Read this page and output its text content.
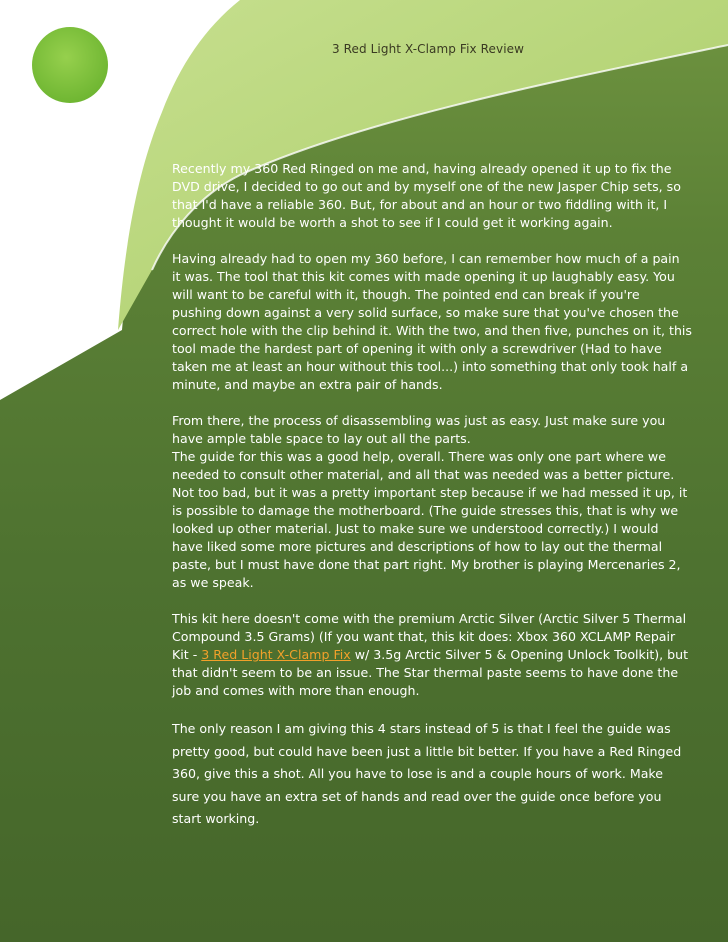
3 Red Light X-Clamp Fix Review

Recently my 360 Red Ringed on me and, having already opened it up to fix the DVD drive, I decided to go out and by myself one of the new Jasper Chip sets, so that I'd have a reliable 360. But, for about and an hour or two fiddling with it, I thought it would be worth a shot to see if I could get it working again.

Having already had to open my 360 before, I can remember how much of a pain it was. The tool that this kit comes with made opening it up laughably easy. You will want to be careful with it, though. The pointed end can break if you're pushing down against a very solid surface, so make sure that you've chosen the correct hole with the clip behind it. With the two, and then five, punches on it, this tool made the hardest part of opening it with only a screwdriver (Had to have taken me at least an hour without this tool...) into something that only took half a minute, and maybe an extra pair of hands.

From there, the process of disassembling was just as easy. Just make sure you have ample table space to lay out all the parts.

The guide for this was a good help, overall. There was only one part where we needed to consult other material, and all that was needed was a better picture. Not too bad, but it was a pretty important step because if we had messed it up, it is possible to damage the motherboard. (The guide stresses this, that is why we looked up other material. Just to make sure we understood correctly.) I would have liked some more pictures and descriptions of how to lay out the thermal paste, but I must have done that part right. My brother is playing Mercenaries 2, as we speak.

This kit here doesn't come with the premium Arctic Silver (Arctic Silver 5 Thermal Compound 3.5 Grams) (If you want that, this kit does: Xbox 360 XCLAMP Repair Kit - 3 Red Light X-Clamp Fix w/ 3.5g Arctic Silver 5 & Opening Unlock Toolkit), but that didn't seem to be an issue. The Star thermal paste seems to have done the job and comes with more than enough.

The only reason I am giving this 4 stars instead of 5 is that I feel the guide was pretty good, but could have been just a little bit better. If you have a Red Ringed 360, give this a shot. All you have to lose is and a couple hours of work. Make sure you have an extra set of hands and read over the guide once before you start working.
